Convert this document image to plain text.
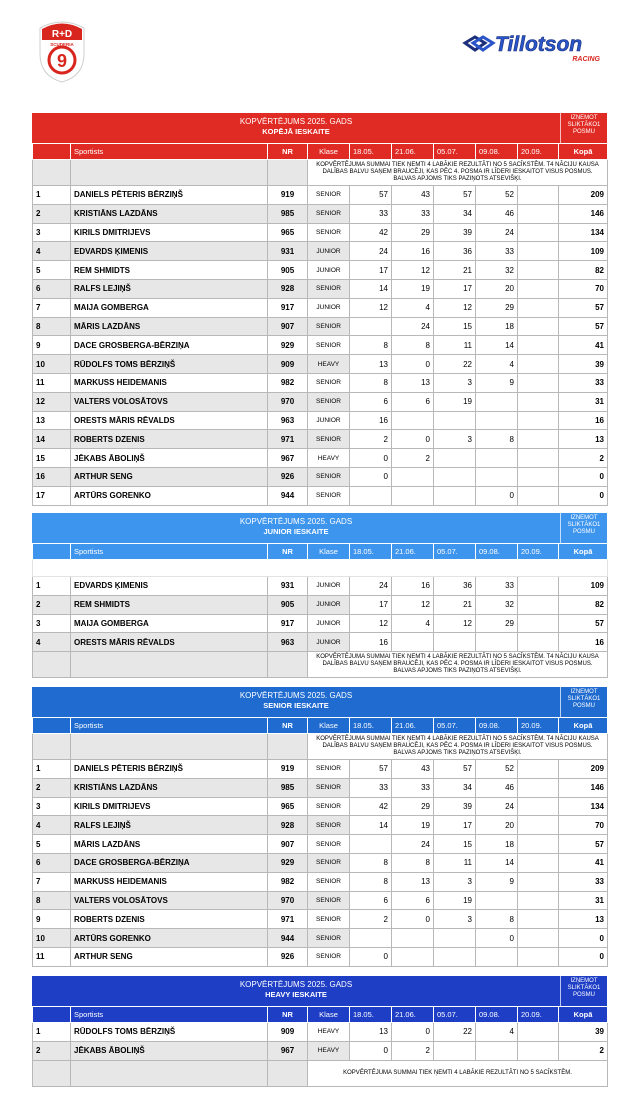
R+D
SCUDERIA
9
Tillotson
RACING
KOPVĒRTĒJUMS 2025. GADS
KOPĒJĀ IESKAITE
IZŅEMOT SLIKTĀKO1 POSMU
	Sportists	NR	Klase	18.05.	21.06.	05.07.	09.08.	20.09.	Kopā
			KOPVĒRTĒJUMA SUMMAI TIEK ŅEMTI 4 LABĀKIE REZULTĀTI NO 5 SACĪKSTĒM. T4 NĀCIJU KAUSA DALĪBAS BALVU SAŅEM BRAUCĒJI, KAS PĒC 4. POSMA IR LĪDERI IESKAITOT VISUS POSMUS. BALVAS APJOMS TIKS PAZIŅOTS ATSEVIŠĶI.						
1	DANIELS PĒTERIS BĒRZIŅŠ	919	SENIOR	57	43	57	52		209
2	KRISTIĀNS LAZDĀNS	985	SENIOR	33	33	34	46		146
3	KIRILS DMITRIJEVS	965	SENIOR	42	29	39	24		134
4	EDVARDS ĶIMENIS	931	JUNIOR	24	16	36	33		109
5	REM SHMIDTS	905	JUNIOR	17	12	21	32		82
6	RALFS LEJIŅŠ	928	SENIOR	14	19	17	20		70
7	MAIJA GOMBERGA	917	JUNIOR	12	4	12	29		57
8	MĀRIS LAZDĀNS	907	SENIOR		24	15	18		57
9	DACE GROSBERGA-BĒRZIŅA	929	SENIOR	8	8	11	14		41
10	RŪDOLFS TOMS BĒRZIŅŠ	909	HEAVY	13	0	22	4		39
11	MARKUSS HEIDEMANIS	982	SENIOR	8	13	3	9		33
12	VALTERS VOLOSĀTOVS	970	SENIOR	6	6	19			31
13	ORESTS MĀRIS RĒVALDS	963	JUNIOR	16					16
14	ROBERTS DZENIS	971	SENIOR	2	0	3	8		13
15	JĒKABS ĀBOLIŅŠ	967	HEAVY	0	2				2
16	ARTHUR SENG	926	SENIOR	0					0
17	ARTŪRS GORENKO	944	SENIOR				0		0
KOPVĒRTĒJUMS 2025. GADS
JUNIOR IESKAITE
IZŅEMOT SLIKTĀKO1 POSMU
	Sportists	NR	Klase	18.05.	21.06.	05.07.	09.08.	20.09.	Kopā

1	EDVARDS ĶIMENIS	931	JUNIOR	24	16	36	33		109
2	REM SHMIDTS	905	JUNIOR	17	12	21	32		82
3	MAIJA GOMBERGA	917	JUNIOR	12	4	12	29		57
4	ORESTS MĀRIS RĒVALDS	963	JUNIOR	16					16
			KOPVĒRTĒJUMA SUMMAI TIEK ŅEMTI 4 LABĀKIE REZULTĀTI NO 5 SACĪKSTĒM. T4 NĀCIJU KAUSA DALĪBAS BALVU SAŅEM BRAUCĒJI, KAS PĒC 4. POSMA IR LĪDERI IESKAITOT VISUS POSMUS. BALVAS APJOMS TIKS PAZIŅOTS ATSEVIŠĶI.						
KOPVĒRTĒJUMS 2025. GADS
SENIOR IESKAITE
IZŅEMOT SLIKTĀKO1 POSMU
	Sportists	NR	Klase	18.05.	21.06.	05.07.	09.08.	20.09.	Kopā
			KOPVĒRTĒJUMA SUMMAI TIEK ŅEMTI 4 LABĀKIE REZULTĀTI NO 5 SACĪKSTĒM. T4 NĀCIJU KAUSA DALĪBAS BALVU SAŅEM BRAUCĒJI, KAS PĒC 4. POSMA IR LĪDERI IESKAITOT VISUS POSMUS. BALVAS APJOMS TIKS PAZIŅOTS ATSEVIŠĶI.						
1	DANIELS PĒTERIS BĒRZIŅŠ	919	SENIOR	57	43	57	52		209
2	KRISTIĀNS LAZDĀNS	985	SENIOR	33	33	34	46		146
3	KIRILS DMITRIJEVS	965	SENIOR	42	29	39	24		134
4	RALFS LEJIŅŠ	928	SENIOR	14	19	17	20		70
5	MĀRIS LAZDĀNS	907	SENIOR		24	15	18		57
6	DACE GROSBERGA-BĒRZIŅA	929	SENIOR	8	8	11	14		41
7	MARKUSS HEIDEMANIS	982	SENIOR	8	13	3	9		33
8	VALTERS VOLOSĀTOVS	970	SENIOR	6	6	19			31
9	ROBERTS DZENIS	971	SENIOR	2	0	3	8		13
10	ARTŪRS GORENKO	944	SENIOR				0		0
11	ARTHUR SENG	926	SENIOR	0					0
KOPVĒRTĒJUMS 2025. GADS
HEAVY IESKAITE
IZŅEMOT SLIKTĀKO1 POSMU
	Sportists	NR	Klase	18.05.	21.06.	05.07.	09.08.	20.09.	Kopā
1	RŪDOLFS TOMS BĒRZIŅŠ	909	HEAVY	13	0	22	4		39
2	JĒKABS ĀBOLIŅŠ	967	HEAVY	0	2				2
			KOPVĒRTĒJUMA SUMMAI TIEK ŅEMTI 4 LABĀKIE REZULTĀTI NO 5 SACĪKSTĒM.						
